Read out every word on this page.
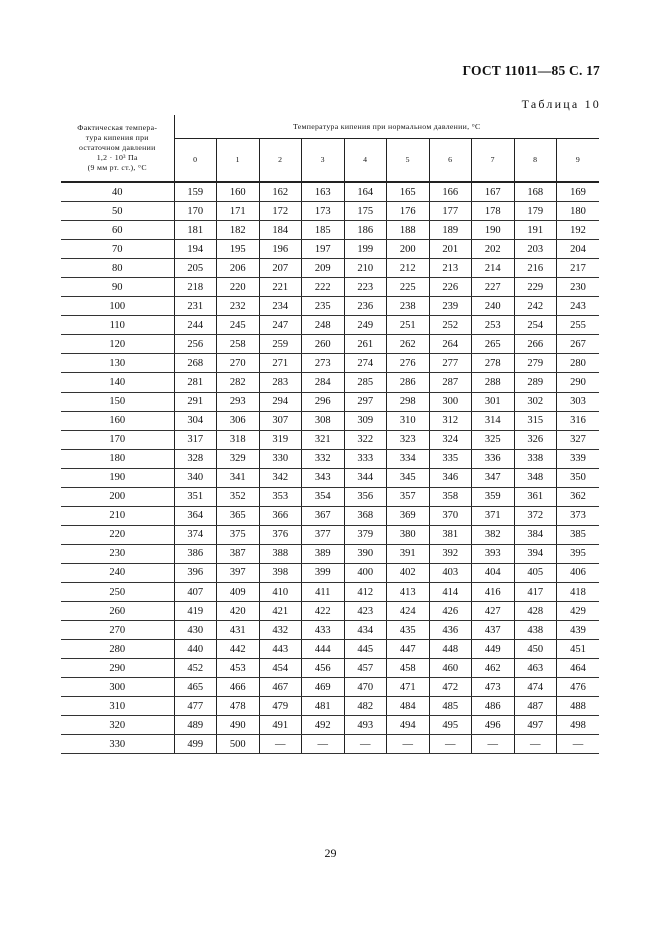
ГОСТ 11011—85 С. 17
Таблица 10
Фактическая темпера-
тура кипения при
остаточном давлении
1,2 · 10³ Па
(9 мм рт. ст.), °С	Температура кипения при нормальном давлении, °С									
	0	1	2	3	4	5	6	7	8	9
40	159	160	162	163	164	165	166	167	168	169
50	170	171	172	173	175	176	177	178	179	180
60	181	182	184	185	186	188	189	190	191	192
70	194	195	196	197	199	200	201	202	203	204
80	205	206	207	209	210	212	213	214	216	217
90	218	220	221	222	223	225	226	227	229	230
100	231	232	234	235	236	238	239	240	242	243
110	244	245	247	248	249	251	252	253	254	255
120	256	258	259	260	261	262	264	265	266	267
130	268	270	271	273	274	276	277	278	279	280
140	281	282	283	284	285	286	287	288	289	290
150	291	293	294	296	297	298	300	301	302	303
160	304	306	307	308	309	310	312	314	315	316
170	317	318	319	321	322	323	324	325	326	327
180	328	329	330	332	333	334	335	336	338	339
190	340	341	342	343	344	345	346	347	348	350
200	351	352	353	354	356	357	358	359	361	362
210	364	365	366	367	368	369	370	371	372	373
220	374	375	376	377	379	380	381	382	384	385
230	386	387	388	389	390	391	392	393	394	395
240	396	397	398	399	400	402	403	404	405	406
250	407	409	410	411	412	413	414	416	417	418
260	419	420	421	422	423	424	426	427	428	429
270	430	431	432	433	434	435	436	437	438	439
280	440	442	443	444	445	447	448	449	450	451
290	452	453	454	456	457	458	460	462	463	464
300	465	466	467	469	470	471	472	473	474	476
310	477	478	479	481	482	484	485	486	487	488
320	489	490	491	492	493	494	495	496	497	498
330	499	500	—	—	—	—	—	—	—	—
29
